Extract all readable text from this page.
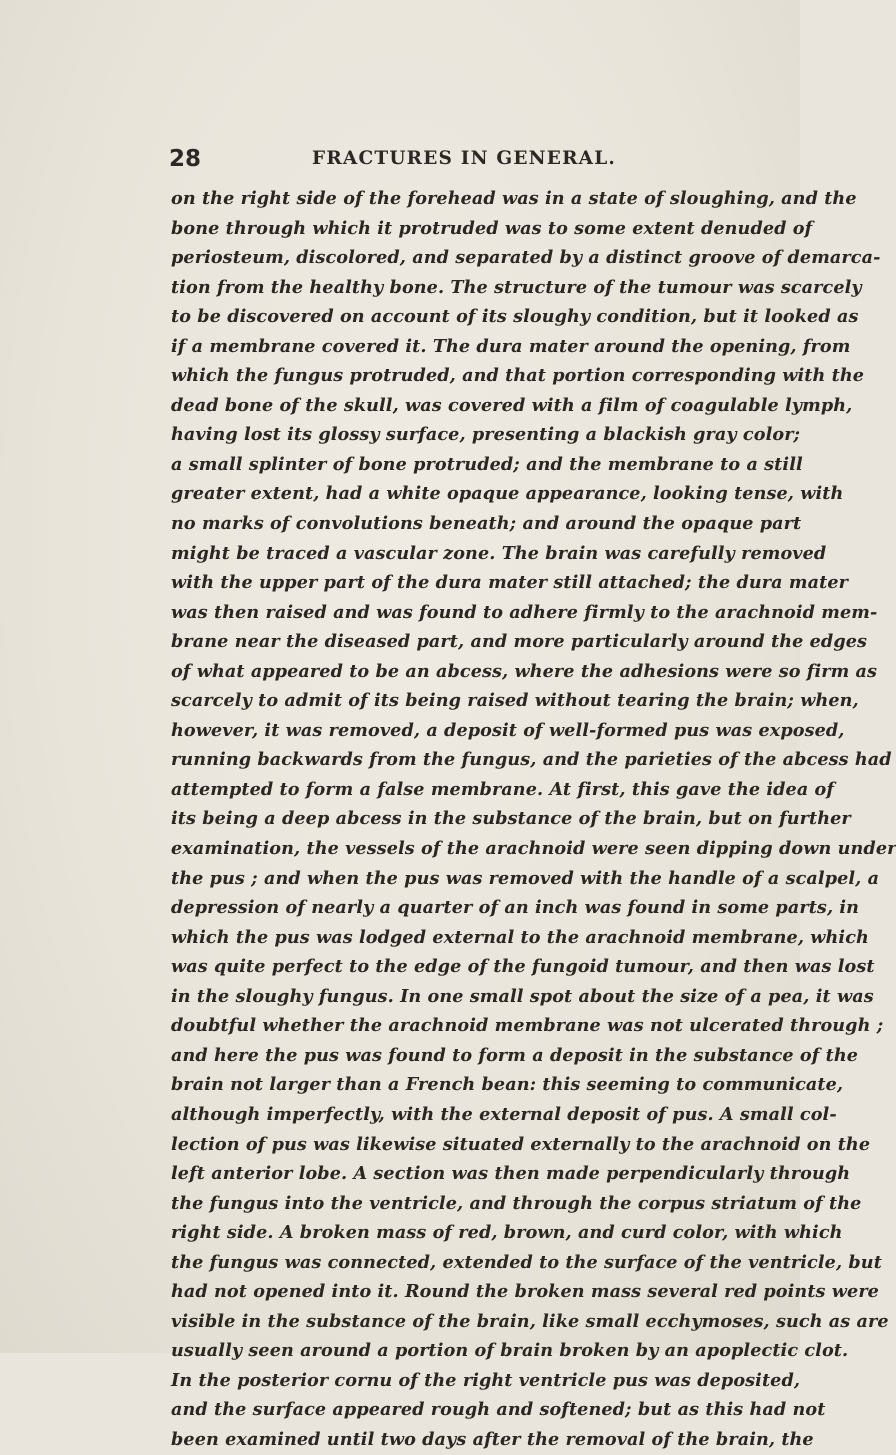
28	FRACTURES IN GENERAL.
on the right side of the forehead was in a state of sloughing, and the
bone through which it protruded was to some extent denuded of
periosteum, discolored, and separated by a distinct groove of demarca-
tion from the healthy bone. The structure of the tumour was scarcely
to be discovered on account of its sloughy condition, but it looked as
if a membrane covered it. The dura mater around the opening, from
which the fungus protruded, and that portion corresponding with the
dead bone of the skull, was covered with a film of coagulable lymph,
having lost its glossy surface, presenting a blackish gray color;
a small splinter of bone protruded; and the membrane to a still
greater extent, had a white opaque appearance, looking tense, with
no marks of convolutions beneath; and around the opaque part
might be traced a vascular zone. The brain was carefully removed
with the upper part of the dura mater still attached; the dura mater
was then raised and was found to adhere firmly to the arachnoid mem-
brane near the diseased part, and more particularly around the edges
of what appeared to be an abcess, where the adhesions were so firm as
scarcely to admit of its being raised without tearing the brain; when,
however, it was removed, a deposit of well-formed pus was exposed,
running backwards from the fungus, and the parieties of the abcess had
attempted to form a false membrane. At first, this gave the idea of
its being a deep abcess in the substance of the brain, but on further
examination, the vessels of the arachnoid were seen dipping down under
the pus ; and when the pus was removed with the handle of a scalpel, a
depression of nearly a quarter of an inch was found in some parts, in
which the pus was lodged external to the arachnoid membrane, which
was quite perfect to the edge of the fungoid tumour, and then was lost
in the sloughy fungus. In one small spot about the size of a pea, it was
doubtful whether the arachnoid membrane was not ulcerated through ;
and here the pus was found to form a deposit in the substance of the
brain not larger than a French bean: this seeming to communicate,
although imperfectly, with the external deposit of pus. A small col-
lection of pus was likewise situated externally to the arachnoid on the
left anterior lobe. A section was then made perpendicularly through
the fungus into the ventricle, and through the corpus striatum of the
right side. A broken mass of red, brown, and curd color, with which
the fungus was connected, extended to the surface of the ventricle, but
had not opened into it. Round the broken mass several red points were
visible in the substance of the brain, like small ecchymoses, such as are
usually seen around a portion of brain broken by an apoplectic clot.
In the posterior cornu of the right ventricle pus was deposited,
and the surface appeared rough and softened; but as this had not
been examined until two days after the removal of the brain, the
